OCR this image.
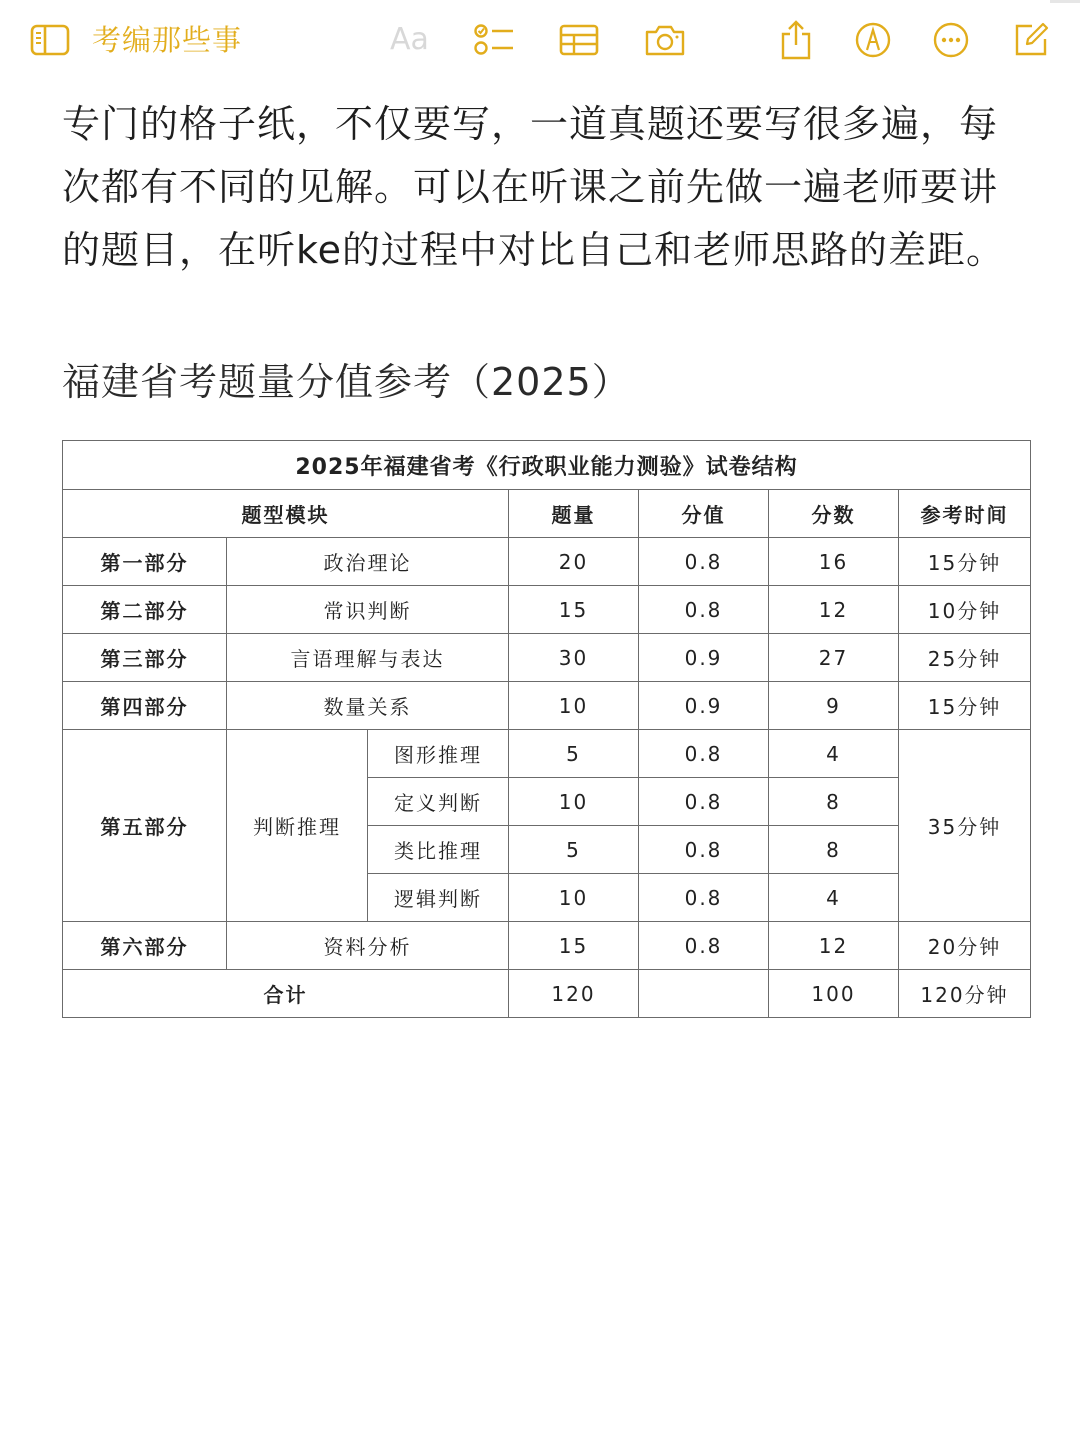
考编那些事	Aa

专门的格子纸，不仅要写，一道真题还要写很多遍，每次都有不同的见解。可以在听课之前先做一遍老师要讲的题目，在听ke的过程中对比自己和老师思路的差距。

福建省考题量分值参考（2025）

2025年福建省考《行政职业能力测验》试卷结构						
题型模块			题量	分值	分数	参考时间
第一部分	政治理论		20	0.8	16	15分钟
第二部分	常识判断		15	0.8	12	10分钟
第三部分	言语理解与表达		30	0.9	27	25分钟
第四部分	数量关系		10	0.9	9	15分钟
第五部分	判断推理	图形推理	5	0.8	4	35分钟
		定义判断	10	0.8	8	
		类比推理	5	0.8	8	
		逻辑判断	10	0.8	4	
第六部分	资料分析		15	0.8	12	20分钟
合计			120		100	120分钟
